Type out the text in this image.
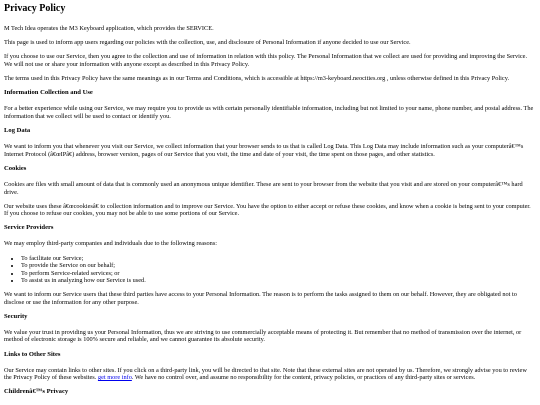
Privacy Policy

M Tech Idea operates the M3 Keyboard application, which provides the SERVICE.

This page is used to inform app users regarding our policies with the collection, use, and disclosure of Personal Information if anyone decided to use our Service.

If you choose to use our Service, then you agree to the collection and use of information in relation with this policy. The Personal Information that we collect are used for providing and improving the Service. We will not use or share your information with anyone except as described in this Privacy Policy.

The terms used in this Privacy Policy have the same meanings as in our Terms and Conditions, which is accessible at https://m3-keyboard.neocities.org , unless otherwise defined in this Privacy Policy.

Information Collection and Use

For a better experience while using our Service, we may require you to provide us with certain personally identifiable information, including but not limited to your name, phone number, and postal address. The information that we collect will be used to contact or identify you.

Log Data

We want to inform you that whenever you visit our Service, we collect information that your browser sends to us that is called Log Data. This Log Data may include information such as your computerâ€™s Internet Protocol (â€œIPâ€) address, browser version, pages of our Service that you visit, the time and date of your visit, the time spent on those pages, and other statistics.

Cookies

Cookies are files with small amount of data that is commonly used an anonymous unique identifier. These are sent to your browser from the website that you visit and are stored on your computerâ€™s hard drive.

Our website uses these â€œcookiesâ€ to collection information and to improve our Service. You have the option to either accept or refuse these cookies, and know when a cookie is being sent to your computer. If you choose to refuse our cookies, you may not be able to use some portions of our Service.

Service Providers

We may employ third-party companies and individuals due to the following reasons:

• To facilitate our Service;
• To provide the Service on our behalf;
• To perform Service-related services; or
• To assist us in analyzing how our Service is used.

We want to inform our Service users that these third parties have access to your Personal Information. The reason is to perform the tasks assigned to them on our behalf. However, they are obligated not to disclose or use the information for any other purpose.

Security

We value your trust in providing us your Personal Information, thus we are striving to use commercially acceptable means of protecting it. But remember that no method of transmission over the internet, or method of electronic storage is 100% secure and reliable, and we cannot guarantee its absolute security.

Links to Other Sites

Our Service may contain links to other sites. If you click on a third-party link, you will be directed to that site. Note that these external sites are not operated by us. Therefore, we strongly advise you to review the Privacy Policy of these websites. get more info. We have no control over, and assume no responsibility for the content, privacy policies, or practices of any third-party sites or services.

Childrenâ€™s Privacy
